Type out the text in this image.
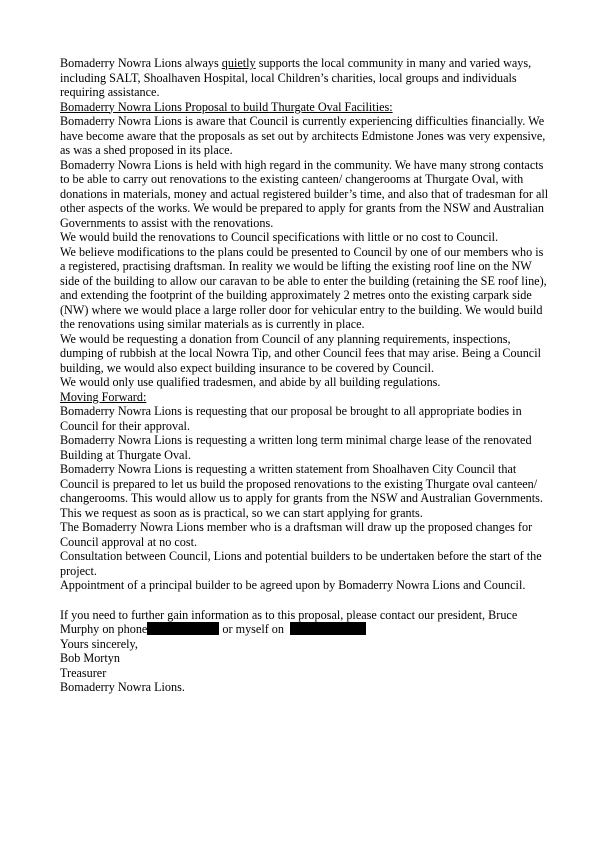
Bomaderry Nowra Lions always quietly supports the local community in many and varied ways, including SALT, Shoalhaven Hospital, local Children’s charities, local groups and individuals requiring assistance.

Bomaderry Nowra Lions Proposal to build Thurgate Oval Facilities:

Bomaderry Nowra Lions is aware that Council is currently experiencing difficulties financially. We have become aware that the proposals as set out by architects Edmistone Jones was very expensive, as was a shed proposed in its place.

Bomaderry Nowra Lions is held with high regard in the community. We have many strong contacts to be able to carry out renovations to the existing canteen/ changerooms at Thurgate Oval, with donations in materials, money and actual registered builder’s time, and also that of tradesman for all other aspects of the works. We would be prepared to apply for grants from the NSW and Australian Governments to assist with the renovations.

We would build the renovations to Council specifications with little or no cost to Council.

We believe modifications to the plans could be presented to Council by one of our members who is a registered, practising draftsman. In reality we would be lifting the existing roof line on the NW side of the building to allow our caravan to be able to enter the building (retaining the SE roof line), and extending the footprint of the building approximately 2 metres onto the existing carpark side (NW) where we would place a large roller door for vehicular entry to the building. We would build the renovations using similar materials as is currently in place.

We would be requesting a donation from Council of any planning requirements, inspections, dumping of rubbish at the local Nowra Tip, and other Council fees that may arise. Being a Council building, we would also expect building insurance to be covered by Council.

We would only use qualified tradesmen, and abide by all building regulations.

Moving Forward:

Bomaderry Nowra Lions is requesting that our proposal be brought to all appropriate bodies in Council for their approval.

Bomaderry Nowra Lions is requesting a written long term minimal charge lease of the renovated Building at Thurgate Oval.

Bomaderry Nowra Lions is requesting a written statement from Shoalhaven City Council that Council is prepared to let us build the proposed renovations to the existing Thurgate oval canteen/ changerooms. This would allow us to apply for grants from the NSW and Australian Governments. This we request as soon as is practical, so we can start applying for grants.

The Bomaderry Nowra Lions member who is a draftsman will draw up the proposed changes for Council approval at no cost.

Consultation between Council, Lions and potential builders to be undertaken before the start of the project.

Appointment of a principal builder to be agreed upon by Bomaderry Nowra Lions and Council.

If you need to further gain information as to this proposal, please contact our president, Bruce Murphy on phone	or myself on

Yours sincerely,

Bob Mortyn

Treasurer

Bomaderry Nowra Lions.
